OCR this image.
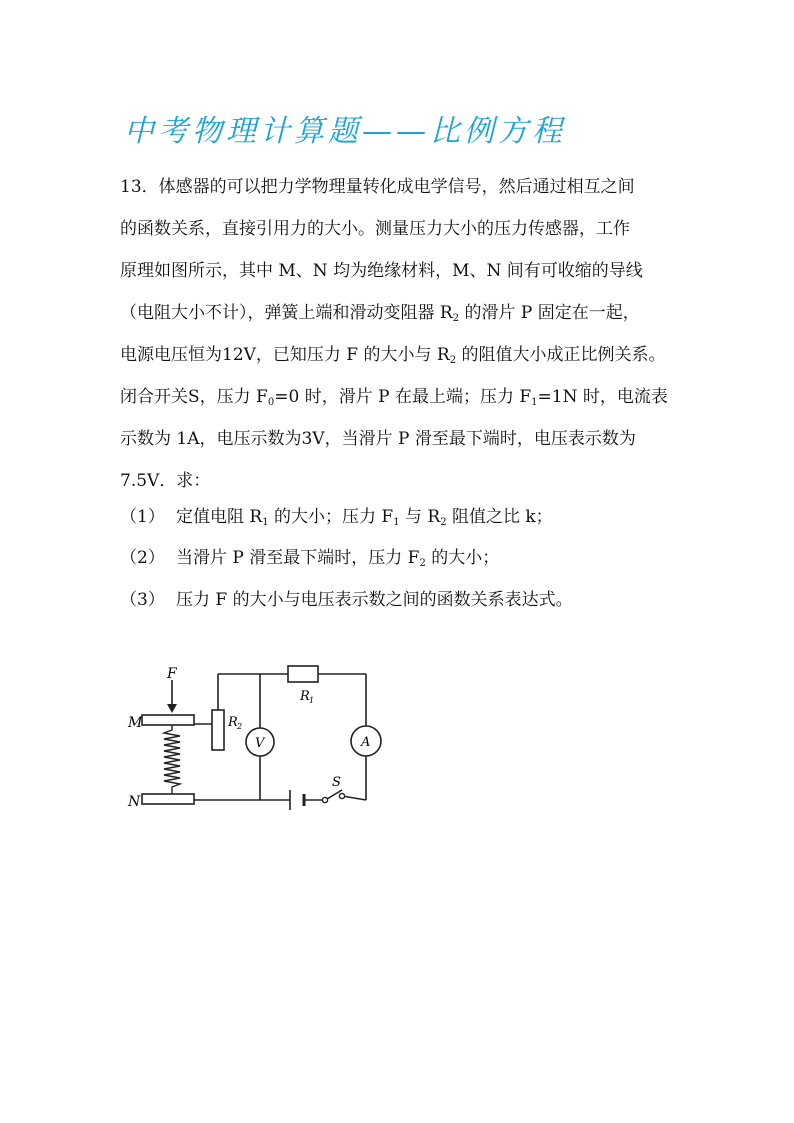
中考物理计算题——比例方程
13．体感器的可以把力学物理量转化成电学信号，然后通过相互之间
的函数关系，直接引用力的大小。测量压力大小的压力传感器，工作
原理如图所示，其中 M、N 均为绝缘材料，M、N 间有可收缩的导线
（电阻大小不计），弹簧上端和滑动变阻器 $R_2$ 的滑片 P 固定在一起，
电源电压恒为12V，已知压力 F 的大小与 $R_2$ 的阻值大小成正比例关系。
闭合开关S，压力 $F_0=0$ 时，滑片 P 在最上端；压力 $F_1=1N$ 时，电流表
示数为 1A，电压示数为3V，当滑片 P 滑至最下端时，电压表示数为
7.5V．求：
（1） 定值电阻 $R_1$ 的大小；压力 $F_1$ 与 $R_2$ 阻值之比 k；
（2） 当滑片 P 滑至最下端时，压力 $F_2$ 的大小；
（3） 压力 F 的大小与电压表示数之间的函数关系表达式。
F
M
N
R 1
R 2
V	A
S
